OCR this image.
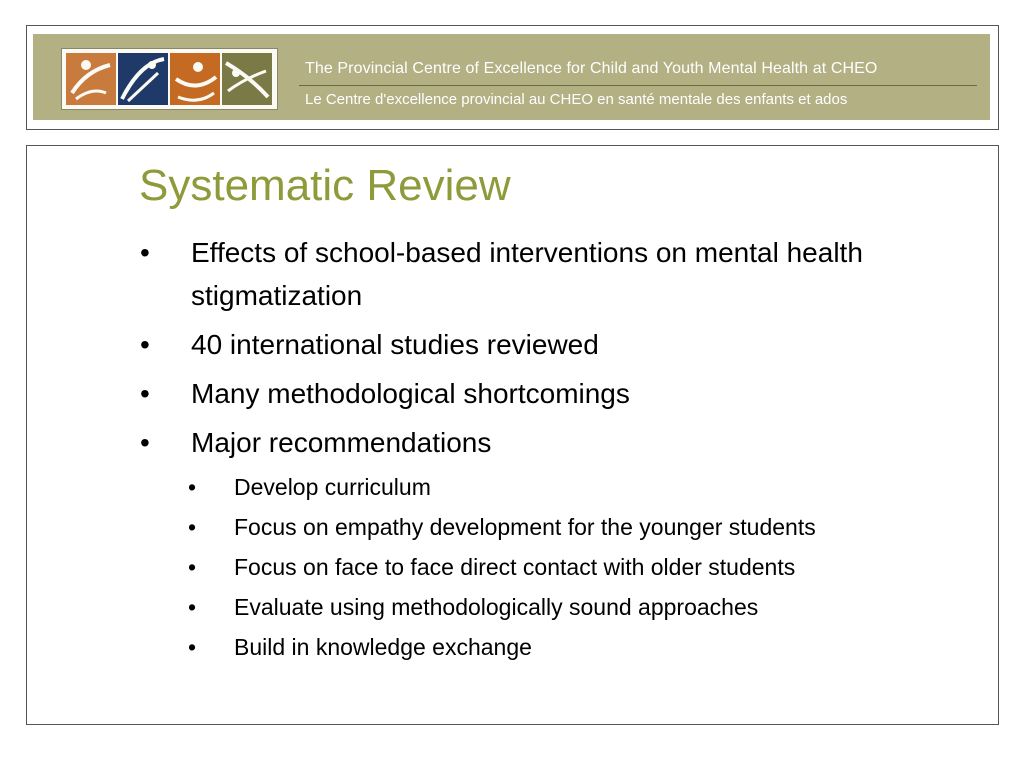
The Provincial Centre of Excellence for Child and Youth Mental Health at CHEO
Le Centre d'excellence provincial au CHEO en santé mentale des enfants et ados
Systematic Review
• Effects of school-based interventions on mental health stigmatization
• 40 international studies reviewed
• Many methodological shortcomings
• Major recommendations
• Develop curriculum
• Focus on empathy development for the younger students
• Focus on face to face direct contact with older students
• Evaluate using methodologically sound approaches
• Build in knowledge exchange
